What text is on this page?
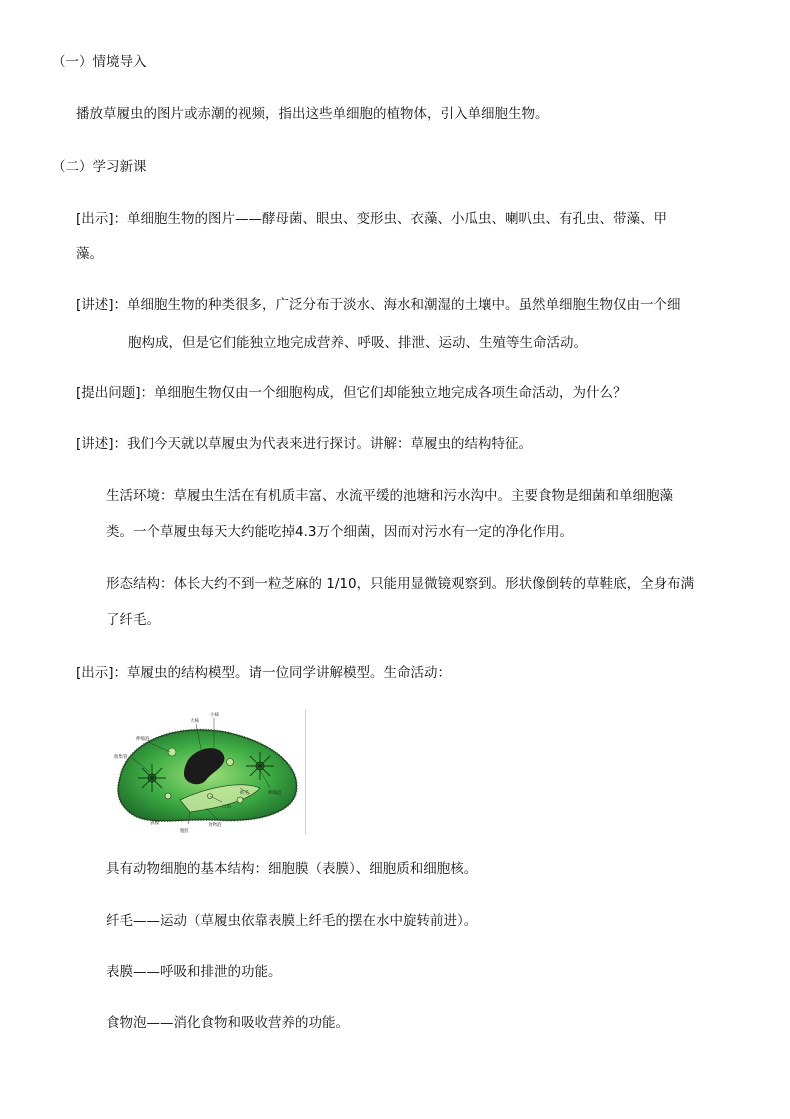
（一）情境导入
播放草履虫的图片或赤潮的视频，指出这些单细胞的植物体，引入单细胞生物。
（二）学习新课
[出示]：单细胞生物的图片——酵母菌、眼虫、变形虫、衣藻、小瓜虫、喇叭虫、有孔虫、带藻、甲
藻。
[讲述]：单细胞生物的种类很多，广泛分布于淡水、海水和潮湿的土壤中。虽然单细胞生物仅由一个细
胞构成，但是它们能独立地完成营养、呼吸、排泄、运动、生殖等生命活动。
[提出问题]：单细胞生物仅由一个细胞构成，但它们却能独立地完成各项生命活动，为什么？
[讲述]：我们今天就以草履虫为代表来进行探讨。讲解：草履虫的结构特征。
生活环境：草履虫生活在有机质丰富、水流平缓的池塘和污水沟中。主要食物是细菌和单细胞藻
类。一个草履虫每天大约能吃掉4.3万个细菌，因而对污水有一定的净化作用。
形态结构：体长大约不到一粒芝麻的 1/10，只能用显微镜观察到。形状像倒转的草鞋底，全身布满
了纤毛。
[出示]：草履虫的结构模型。请一位同学讲解模型。生命活动：
伸缩泡
收集管
大核
小核
伸缩泡
纤毛
口沟
食物泡
胞肛
表膜
具有动物细胞的基本结构：细胞膜（表膜）、细胞质和细胞核。
纤毛——运动（草履虫依靠表膜上纤毛的摆在水中旋转前进）。
表膜——呼吸和排泄的功能。
食物泡——消化食物和吸收营养的功能。
